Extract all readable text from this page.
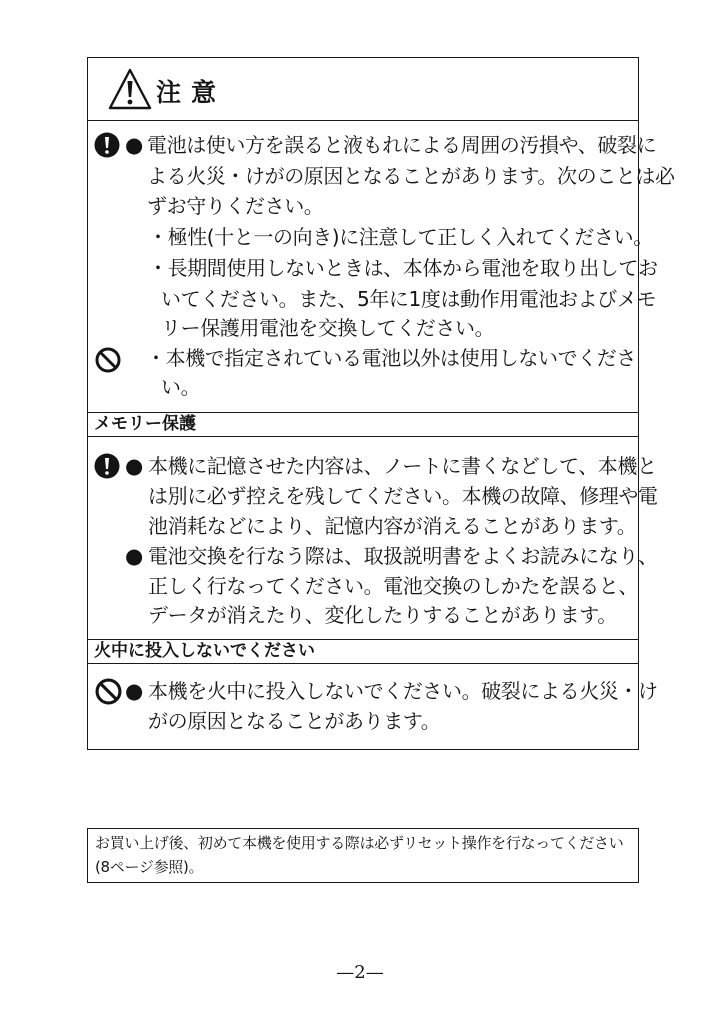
注意
● 電池は使い方を誤ると液もれによる周囲の汚損や、破裂に
よる火災・けがの原因となることがあります。次のことは必
ずお守りください。
・極性(十と一の向き)に注意して正しく入れてください。
・長期間使用しないときは、本体から電池を取り出してお
いてください。また、5年に1度は動作用電池およびメモ
リー保護用電池を交換してください。
・本機で指定されている電池以外は使用しないでくださ
い。
メモリー保護
● 本機に記憶させた内容は、ノートに書くなどして、本機と
は別に必ず控えを残してください。本機の故障、修理や電
池消耗などにより、記憶内容が消えることがあります。
● 電池交換を行なう際は、取扱説明書をよくお読みになり、
正しく行なってください。電池交換のしかたを誤ると、
データが消えたり、変化したりすることがあります。
火中に投入しないでください
● 本機を火中に投入しないでください。破裂による火災・け
がの原因となることがあります。
お買い上げ後、初めて本機を使用する際は必ずリセット操作を行なってください
(8ページ参照)。
—2—
